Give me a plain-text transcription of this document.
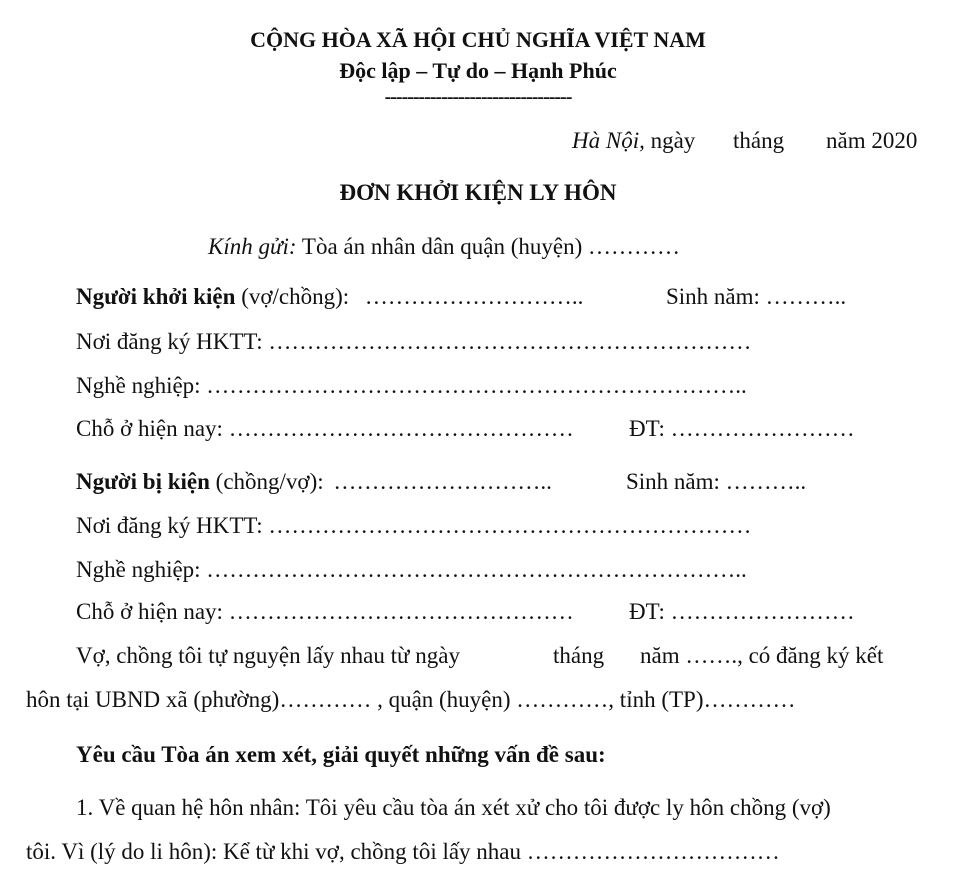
CỘNG HÒA XÃ HỘI CHỦ NGHĨA VIỆT NAM
Độc lập – Tự do – Hạnh Phúc
---------------------------------
Hà Nội, ngày tháng năm 2020
ĐƠN KHỞI KIỆN LY HÔN
Kính gửi: Tòa án nhân dân quận (huyện) …………
Người khởi kiện (vợ/chồng): ………………………..	Sinh năm: ………..
Nơi đăng ký HKTT: ………………………………………………………
Nghề nghiệp: ……………………………………………………………..
Chỗ ở hiện nay: ……………………………………… ĐT: ……………………
Người bị kiện (chồng/vợ): ………………………..	Sinh năm: ………..
Nơi đăng ký HKTT: ………………………………………………………
Nghề nghiệp: ……………………………………………………………..
Chỗ ở hiện nay: ……………………………………… ĐT: ……………………
Vợ, chồng tôi tự nguyện lấy nhau từ ngày	tháng năm ……., có đăng ký kết
hôn tại UBND xã (phường)………… , quận (huyện) …………, tỉnh (TP)…………
Yêu cầu Tòa án xem xét, giải quyết những vấn đề sau:
1. Về quan hệ hôn nhân: Tôi yêu cầu tòa án xét xử cho tôi được ly hôn chồng (vợ)
tôi. Vì (lý do li hôn): Kể từ khi vợ, chồng tôi lấy nhau ……………………………
